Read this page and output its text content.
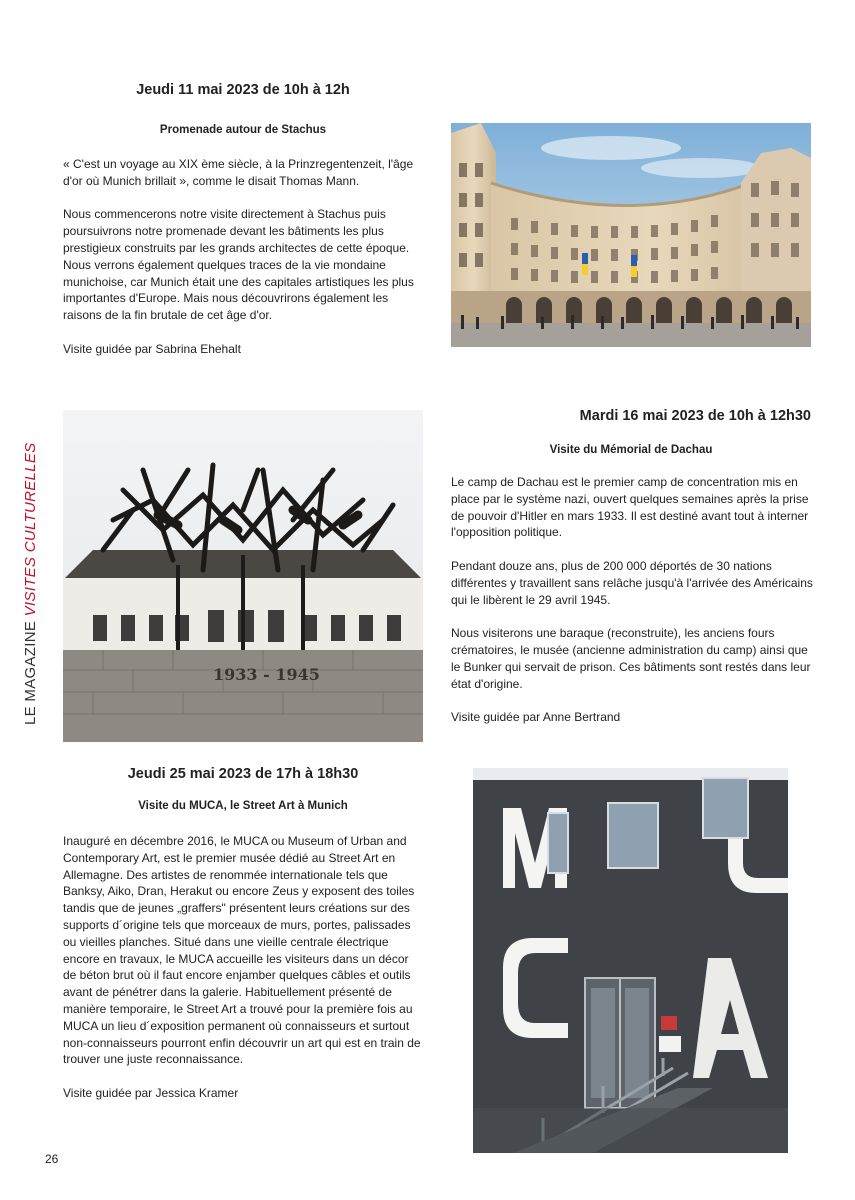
LE MAGAZINE VISITES CULTURELLES
Jeudi 11 mai 2023 de 10h à 12h
Promenade autour de Stachus

« C'est un voyage au XIX ème siècle, à la Prinzregentenzeit, l'âge d'or où Munich brillait », comme le disait Thomas Mann.

Nous commencerons notre visite directement à Stachus puis poursuivrons notre promenade devant les bâtiments les plus prestigieux construits par les grands architectes de cette époque. Nous verrons également quelques traces de la vie mondaine munichoise, car Munich était une des capitales artistiques les plus importantes d'Europe. Mais nous découvrirons également les raisons de la fin brutale de cet âge d'or.

Visite guidée par Sabrina Ehehalt

1933 - 1945
Mardi 16 mai 2023 de 10h à 12h30
Visite du Mémorial de Dachau

Le camp de Dachau est le premier camp de concentration mis en place par le système nazi, ouvert quelques semaines après la prise de pouvoir d'Hitler en mars 1933. Il est destiné avant tout à interner l'opposition politique.

Pendant douze ans, plus de 200 000 déportés de 30 nations différentes y travaillent sans relâche jusqu'à l'arrivée des Américains qui le libèrent le 29 avril 1945.

Nous visiterons une baraque (reconstruite), les anciens fours crématoires, le musée (ancienne administration du camp) ainsi que le Bunker qui servait de prison. Ces bâtiments sont restés dans leur état d'origine.

Visite guidée par Anne Bertrand

Jeudi 25 mai 2023 de 17h à 18h30
Visite du MUCA, le Street Art à Munich

Inauguré en décembre 2016, le MUCA ou Museum of Urban and Contemporary Art, est le premier musée dédié au Street Art en Allemagne. Des artistes de renommée internationale tels que Banksy, Aiko, Dran, Herakut ou encore Zeus y exposent des toiles tandis que de jeunes „graffers" présentent leurs créations sur des supports d´origine tels que morceaux de murs, portes, palissades ou vieilles planches. Situé dans une vieille centrale électrique encore en travaux, le MUCA accueille les visiteurs dans un décor de béton brut où il faut encore enjamber quelques câbles et outils avant de pénétrer dans la galerie. Habituellement présenté de manière temporaire, le Street Art a trouvé pour la première fois au MUCA un lieu d´exposition permanent où connaisseurs et surtout non-connaisseurs pourront enfin découvrir un art qui est en train de trouver une juste reconnaissance.

Visite guidée par Jessica Kramer

26
